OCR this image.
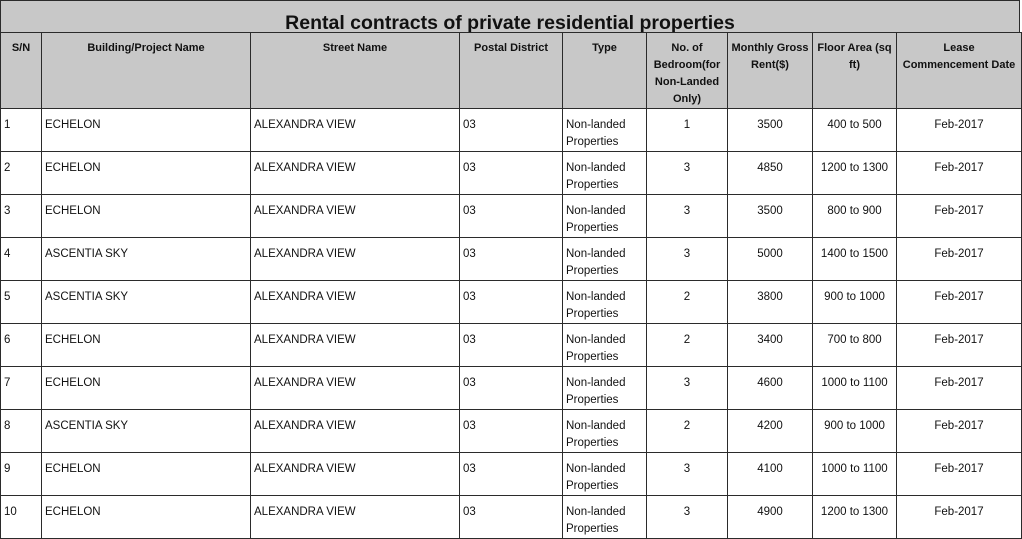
Rental contracts of private residential properties
S/N	Building/Project Name	Street Name	Postal District	Type	No. of Bedroom(for Non-Landed Only)	Monthly Gross Rent($)	Floor Area (sq ft)	Lease Commencement Date
1	ECHELON	ALEXANDRA VIEW	03	Non-landed Properties	1	3500	400 to 500	Feb-2017
2	ECHELON	ALEXANDRA VIEW	03	Non-landed Properties	3	4850	1200 to 1300	Feb-2017
3	ECHELON	ALEXANDRA VIEW	03	Non-landed Properties	3	3500	800 to 900	Feb-2017
4	ASCENTIA SKY	ALEXANDRA VIEW	03	Non-landed Properties	3	5000	1400 to 1500	Feb-2017
5	ASCENTIA SKY	ALEXANDRA VIEW	03	Non-landed Properties	2	3800	900 to 1000	Feb-2017
6	ECHELON	ALEXANDRA VIEW	03	Non-landed Properties	2	3400	700 to 800	Feb-2017
7	ECHELON	ALEXANDRA VIEW	03	Non-landed Properties	3	4600	1000 to 1100	Feb-2017
8	ASCENTIA SKY	ALEXANDRA VIEW	03	Non-landed Properties	2	4200	900 to 1000	Feb-2017
9	ECHELON	ALEXANDRA VIEW	03	Non-landed Properties	3	4100	1000 to 1100	Feb-2017
10	ECHELON	ALEXANDRA VIEW	03	Non-landed Properties	3	4900	1200 to 1300	Feb-2017
